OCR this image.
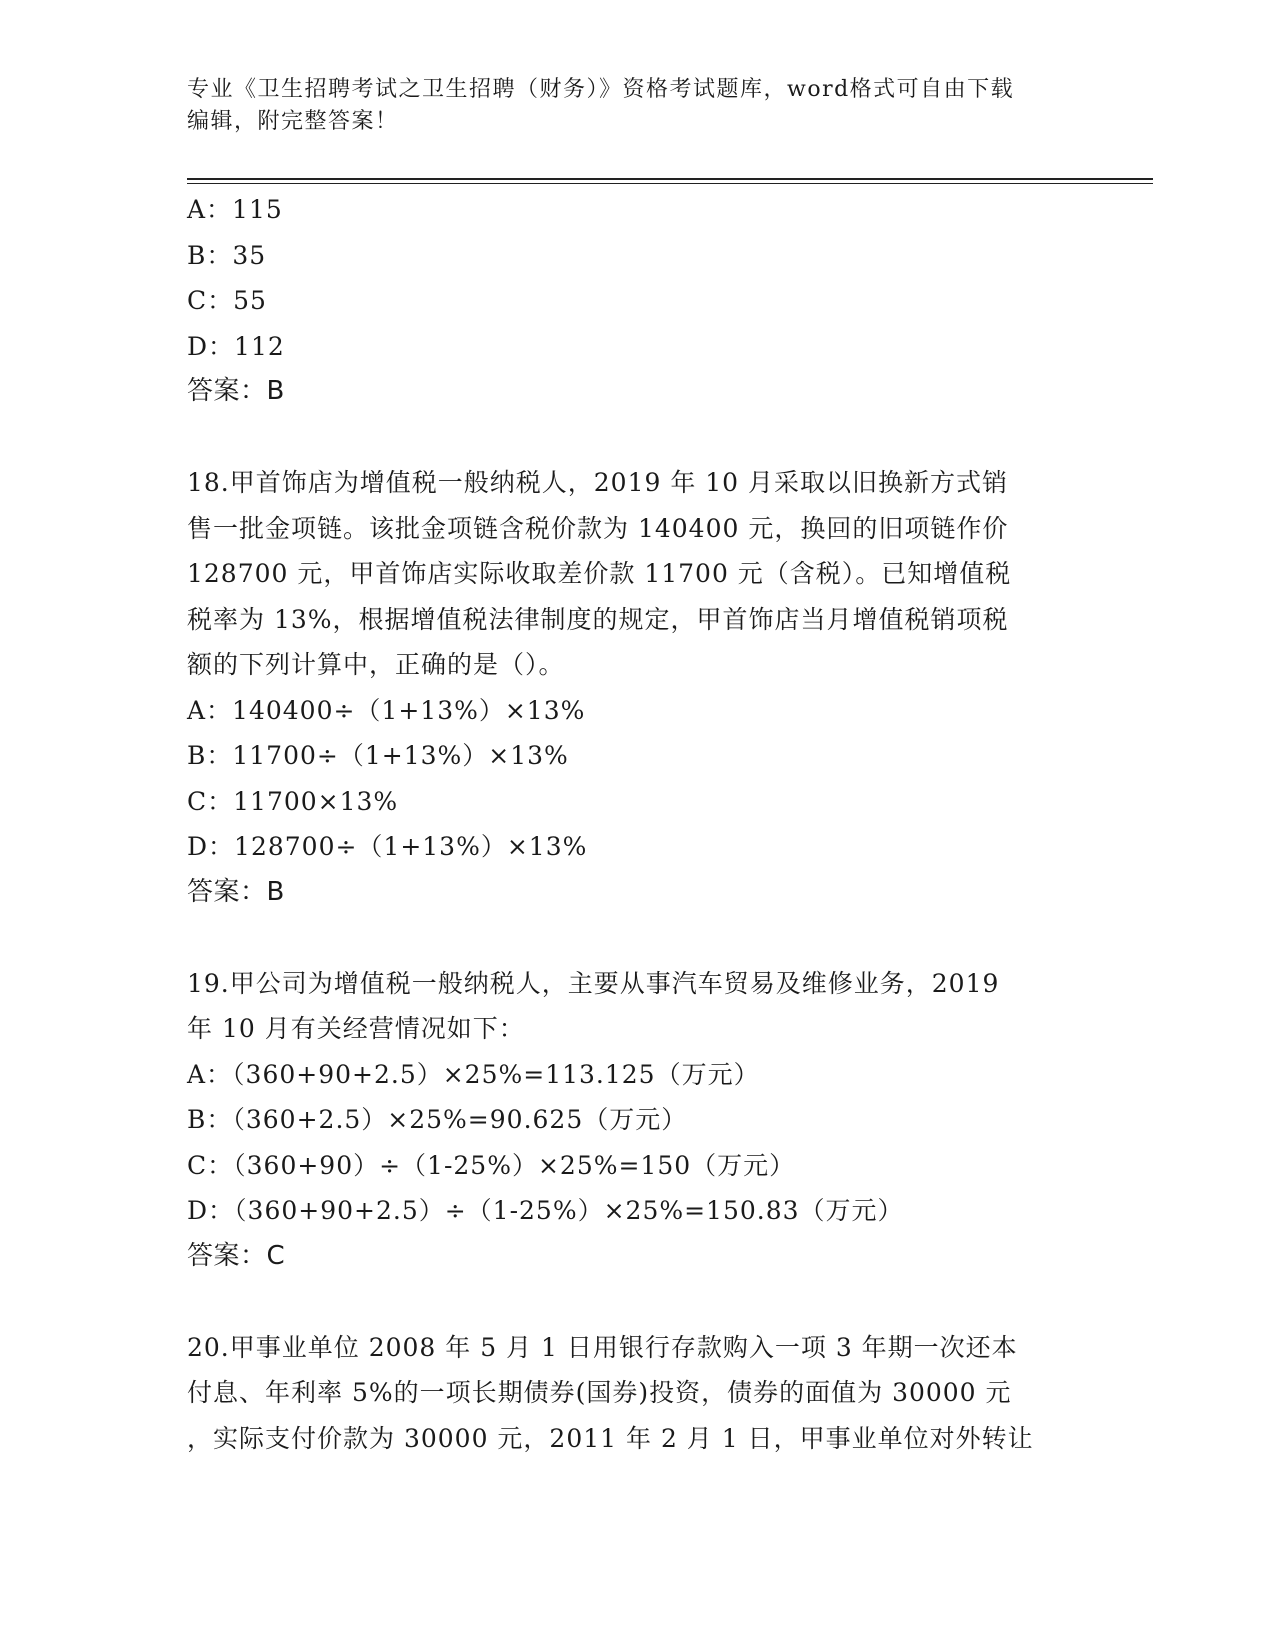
专业《卫生招聘考试之卫生招聘（财务）》资格考试题库，word格式可自由下载
编辑，附完整答案！
A：115
B：35
C：55
D：112
答案：B
18.甲首饰店为增值税一般纳税人，2019 年 10 月采取以旧换新方式销
售一批金项链。该批金项链含税价款为 140400 元，换回的旧项链作价
128700 元，甲首饰店实际收取差价款 11700 元（含税）。已知增值税
税率为 13%，根据增值税法律制度的规定，甲首饰店当月增值税销项税
额的下列计算中，正确的是（）。
A：140400÷（1+13%）×13%
B：11700÷（1+13%）×13%
C：11700×13%
D：128700÷（1+13%）×13%
答案：B
19.甲公司为增值税一般纳税人，主要从事汽车贸易及维修业务，2019
年 10 月有关经营情况如下：
A：（360+90+2.5）×25%=113.125（万元）
B：（360+2.5）×25%=90.625（万元）
C：（360+90）÷（1-25%）×25%=150（万元）
D：（360+90+2.5）÷（1-25%）×25%=150.83（万元）
答案：C
20.甲事业单位 2008 年 5 月 1 日用银行存款购入一项 3 年期一次还本
付息、年利率 5%的一项长期债券(国券)投资，债券的面值为 30000 元
，实际支付价款为 30000 元，2011 年 2 月 1 日，甲事业单位对外转让
